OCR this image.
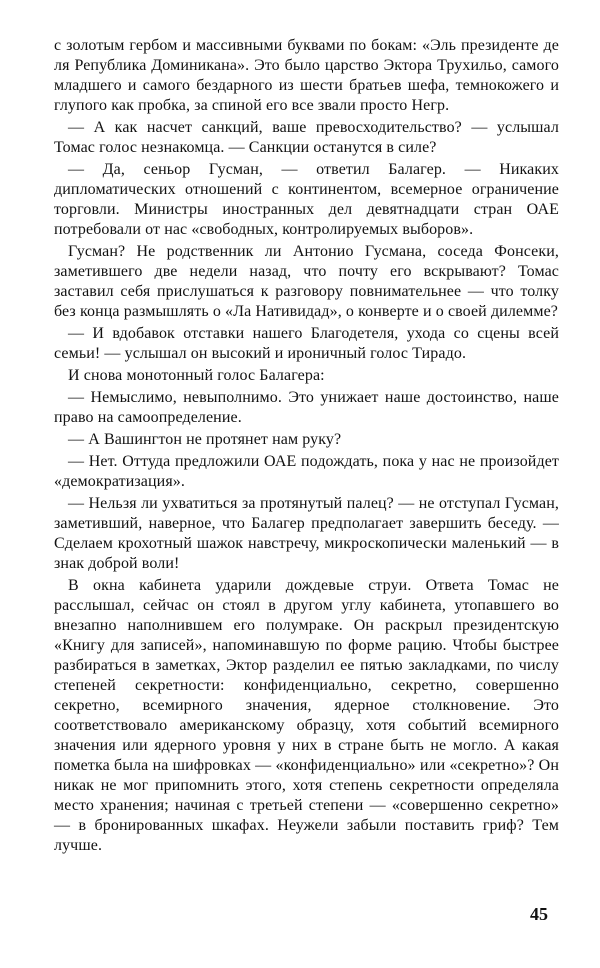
с золотым гербом и массивными буквами по бокам: «Эль президенте де ля Република Доминикана». Это было царство Эктора Трухильо, самого младшего и самого бездарного из шести братьев шефа, темнокожего и глупого как пробка, за спиной его все звали просто Негр.

— А как насчет санкций, ваше превосходительство? — услышал Томас голос незнакомца. — Санкции останутся в силе?

— Да, сеньор Гусман, — ответил Балагер. — Никаких дипломатических отношений с континентом, всемерное ограничение торговли. Министры иностранных дел девятнадцати стран ОАЕ потребовали от нас «свободных, контролируемых выборов».

Гусман? Не родственник ли Антонио Гусмана, соседа Фонсеки, заметившего две недели назад, что почту его вскрывают? Томас заставил себя прислушаться к разговору повнимательнее — что толку без конца размышлять о «Ла Нативидад», о конверте и о своей дилемме?

— И вдобавок отставки нашего Благодетеля, ухода со сцены всей семьи! — услышал он высокий и ироничный голос Тирадо.

И снова монотонный голос Балагера:

— Немыслимо, невыполнимо. Это унижает наше достоинство, наше право на самоопределение.

— А Вашингтон не протянет нам руку?

— Нет. Оттуда предложили ОАЕ подождать, пока у нас не произойдет «демократизация».

— Нельзя ли ухватиться за протянутый палец? — не отступал Гусман, заметивший, наверное, что Балагер предполагает завершить беседу. — Сделаем крохотный шажок навстречу, микроскопически маленький — в знак доброй воли!

В окна кабинета ударили дождевые струи. Ответа Томас не расслышал, сейчас он стоял в другом углу кабинета, утопавшего во внезапно наполнившем его полумраке. Он раскрыл президентскую «Книгу для записей», напоминавшую по форме рацию. Чтобы быстрее разбираться в заметках, Эктор разделил ее пятью закладками, по числу степеней секретности: конфиденциально, секретно, совершенно секретно, всемирного значения, ядерное столкновение. Это соответствовало американскому образцу, хотя событий всемирного значения или ядерного уровня у них в стране быть не могло. А какая пометка была на шифровках — «конфиденциально» или «секретно»? Он никак не мог припомнить этого, хотя степень секретности определяла место хранения; начиная с третьей степени — «совершенно секретно» — в бронированных шкафах. Неужели забыли поставить гриф? Тем лучше.

45
